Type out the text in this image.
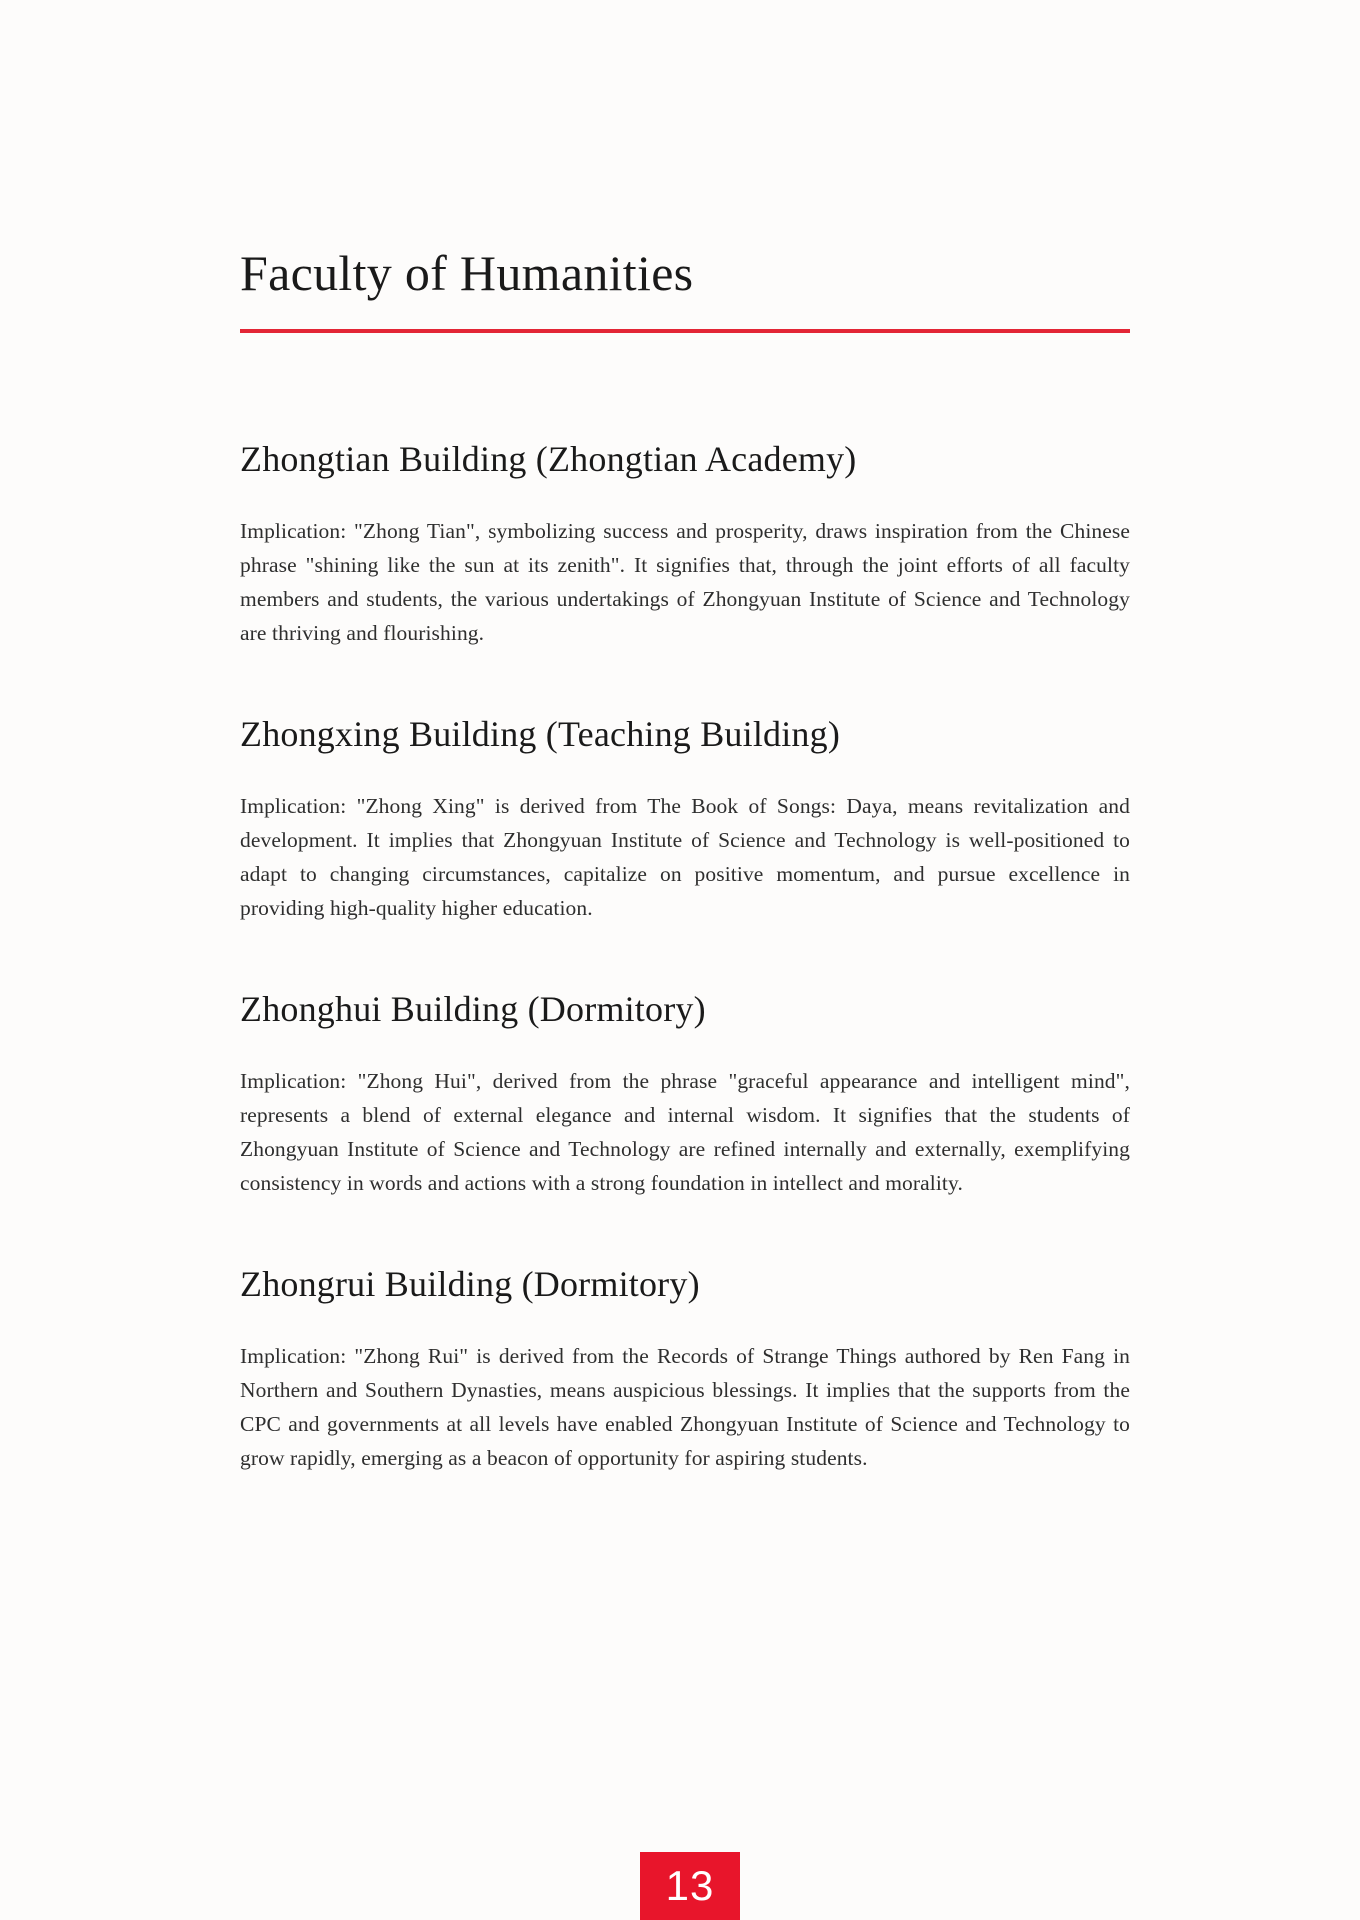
Faculty of Humanities
Zhongtian Building (Zhongtian Academy)

Implication: "Zhong Tian", symbolizing success and prosperity, draws inspiration from the Chinese phrase "shining like the sun at its zenith". It signifies that, through the joint efforts of all faculty members and students, the various undertakings of Zhongyuan Institute of Science and Technology are thriving and flourishing.

Zhongxing Building (Teaching Building)

Implication: "Zhong Xing" is derived from The Book of Songs: Daya, means revitalization and development. It implies that Zhongyuan Institute of Science and Technology is well-positioned to adapt to changing circumstances, capitalize on positive momentum, and pursue excellence in providing high-quality higher education.

Zhonghui Building (Dormitory)

Implication: "Zhong Hui", derived from the phrase "graceful appearance and intelligent mind", represents a blend of external elegance and internal wisdom. It signifies that the students of Zhongyuan Institute of Science and Technology are refined internally and externally, exemplifying consistency in words and actions with a strong foundation in intellect and morality.

Zhongrui Building (Dormitory)

Implication: "Zhong Rui" is derived from the Records of Strange Things authored by Ren Fang in Northern and Southern Dynasties, means auspicious blessings. It implies that the supports from the CPC and governments at all levels have enabled Zhongyuan Institute of Science and Technology to grow rapidly, emerging as a beacon of opportunity for aspiring students.

13
